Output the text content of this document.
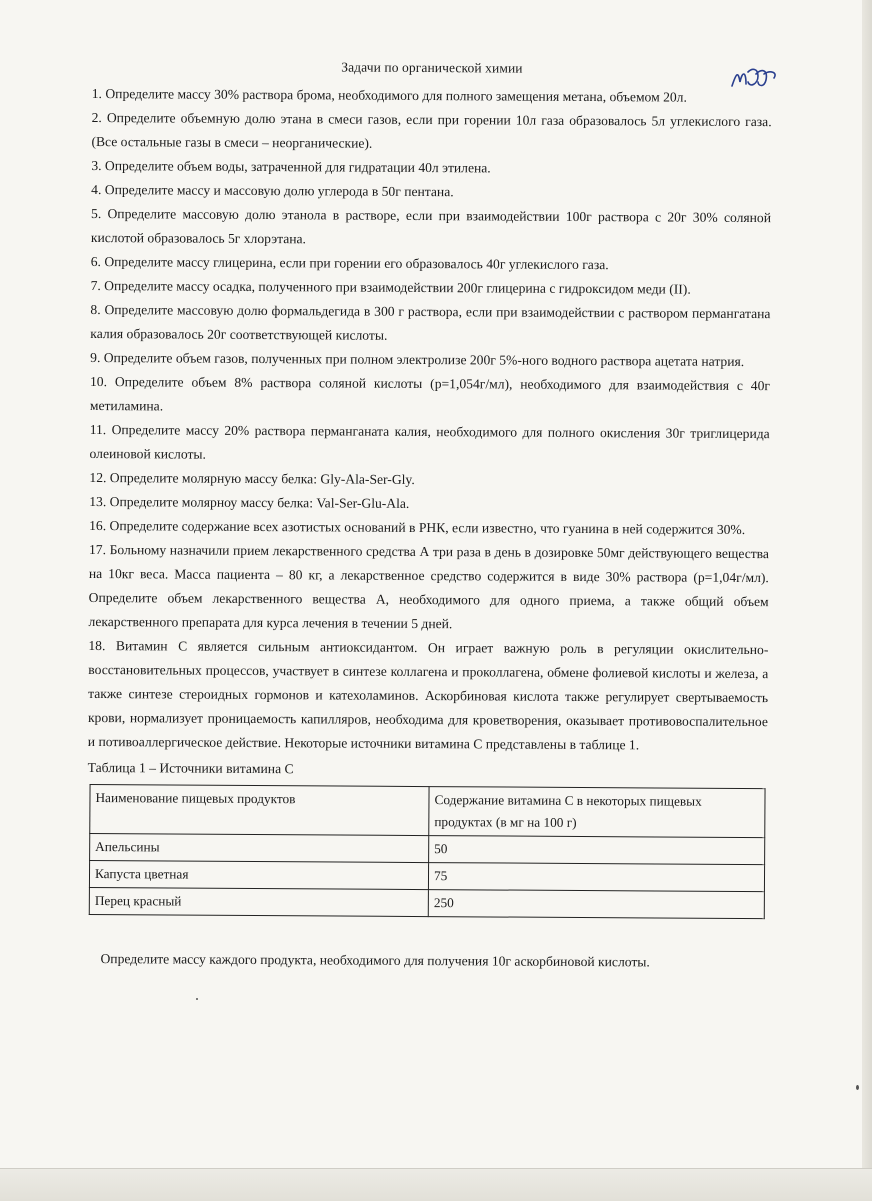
Задачи по органической химии

1. Определите массу 30% раствора брома, необходимого для полного замещения метана, объемом 20л.

2. Определите объемную долю этана в смеси газов, если при горении 10л газа образовалось 5л углекислого газа. (Все остальные газы в смеси – неорганические).

3. Определите объем воды, затраченной для гидратации 40л этилена.

4. Определите массу и массовую долю углерода в 50г пентана.

5. Определите массовую долю этанола в растворе, если при взаимодействии 100г раствора с 20г 30% соляной кислотой образовалось 5г хлорэтана.

6. Определите массу глицерина, если при горении его образовалось 40г углекислого газа.

7. Определите массу осадка, полученного при взаимодействии 200г глицерина с гидроксидом меди (II).

8. Определите массовую долю формальдегида в 300 г раствора, если при взаимодействии с раствором пермангатана калия образовалось 20г соответствующей кислоты.

9. Определите объем газов, полученных при полном электролизе 200г 5%-ного водного раствора ацетата натрия.

10. Определите объем 8% раствора соляной кислоты (р=1,054г/мл), необходимого для взаимодействия с 40г метиламина.

11. Определите массу 20% раствора перманганата калия, необходимого для полного окисления 30г триглицерида олеиновой кислоты.

12. Определите молярную массу белка: Gly-Ala-Ser-Gly.

13. Определите молярноу массу белка: Val-Ser-Glu-Ala.

16. Определите содержание всех азотистых оснований в РНК, если известно, что гуанина в ней содержится 30%.

17. Больному назначили прием лекарственного средства А три раза в день в дозировке 50мг действующего вещества на 10кг веса. Масса пациента – 80 кг, а лекарственное средство содержится в виде 30% раствора (р=1,04г/мл). Определите объем лекарственного вещества А, необходимого для одного приема, а также общий объем лекарственного препарата для курса лечения в течении 5 дней.

18. Витамин С является сильным антиоксидантом. Он играет важную роль в регуляции окислительно-восстановительных процессов, участвует в синтезе коллагена и проколлагена, обмене фолиевой кислоты и железа, а также синтезе стероидных гормонов и катехоламинов. Аскорбиновая кислота также регулирует свертываемость крови, нормализует проницаемость капилляров, необходима для кроветворения, оказывает противовоспалительное и потивоаллергическое действие. Некоторые источники витамина С представлены в таблице 1.

Таблица 1 – Источники витамина С

Наименование пищевых продуктов	Содержание витамина С в некоторых пищевых продуктах (в мг на 100 г)
Апельсины	50
Капуста цветная	75
Перец красный	250

Определите массу каждого продукта, необходимого для получения 10г аскорбиновой кислоты.
